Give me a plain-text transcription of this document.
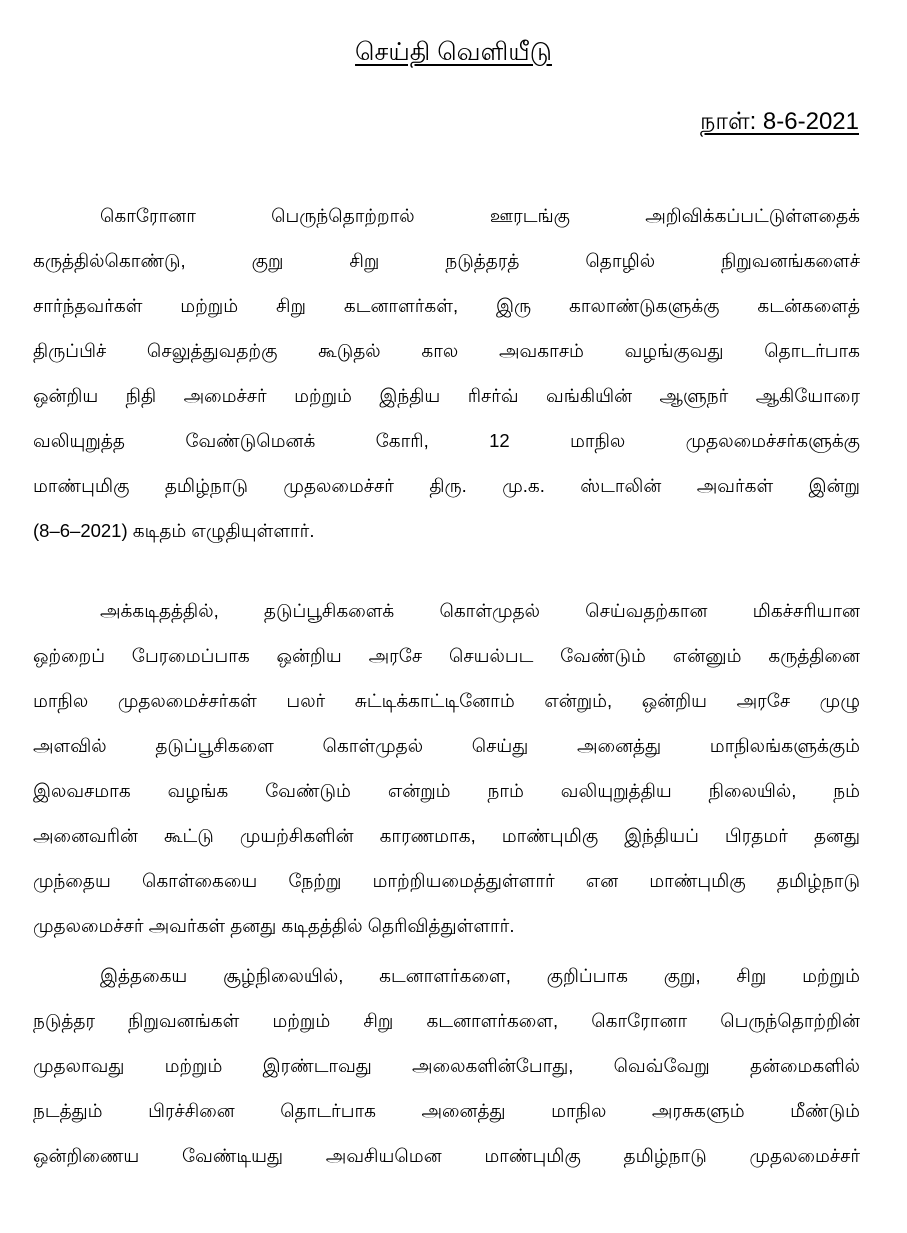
செய்தி வெளியீடு
நாள்: 8-6-2021
கொரோனா பெருந்தொற்றால் ஊரடங்கு அறிவிக்கப்பட்டுள்ளதைக்
கருத்தில்கொண்டு, குறு சிறு நடுத்தரத் தொழில் நிறுவனங்களைச்
சார்ந்தவர்கள் மற்றும் சிறு கடனாளர்கள், இரு காலாண்டுகளுக்கு கடன்களைத்
திருப்பிச் செலுத்துவதற்கு கூடுதல் கால அவகாசம் வழங்குவது தொடர்பாக
ஒன்றிய நிதி அமைச்சர் மற்றும் இந்திய ரிசர்வ் வங்கியின் ஆளுநர் ஆகியோரை
வலியுறுத்த வேண்டுமெனக் கோரி, 12 மாநில முதலமைச்சர்களுக்கு
மாண்புமிகு தமிழ்நாடு முதலமைச்சர் திரு. மு.க. ஸ்டாலின் அவர்கள் இன்று
(8–6–2021) கடிதம் எழுதியுள்ளார்.
அக்கடிதத்தில், தடுப்பூசிகளைக் கொள்முதல் செய்வதற்கான மிகச்சரியான
ஒற்றைப் பேரமைப்பாக ஒன்றிய அரசே செயல்பட வேண்டும் என்னும் கருத்தினை
மாநில முதலமைச்சர்கள் பலர் சுட்டிக்காட்டினோம் என்றும், ஒன்றிய அரசே முழு
அளவில் தடுப்பூசிகளை கொள்முதல் செய்து அனைத்து மாநிலங்களுக்கும்
இலவசமாக வழங்க வேண்டும் என்றும் நாம் வலியுறுத்திய நிலையில், நம்
அனைவரின் கூட்டு முயற்சிகளின் காரணமாக, மாண்புமிகு இந்தியப் பிரதமர் தனது
முந்தைய கொள்கையை நேற்று மாற்றியமைத்துள்ளார் என மாண்புமிகு தமிழ்நாடு
முதலமைச்சர் அவர்கள் தனது கடிதத்தில் தெரிவித்துள்ளார்.
இத்தகைய சூழ்நிலையில், கடனாளர்களை, குறிப்பாக குறு, சிறு மற்றும்
நடுத்தர நிறுவனங்கள் மற்றும் சிறு கடனாளர்களை, கொரோனா பெருந்தொற்றின்
முதலாவது மற்றும் இரண்டாவது அலைகளின்போது, வெவ்வேறு தன்மைகளில்
நடத்தும் பிரச்சினை தொடர்பாக அனைத்து மாநில அரசுகளும் மீண்டும்
ஒன்றிணைய வேண்டியது அவசியமென மாண்புமிகு தமிழ்நாடு முதலமைச்சர்
